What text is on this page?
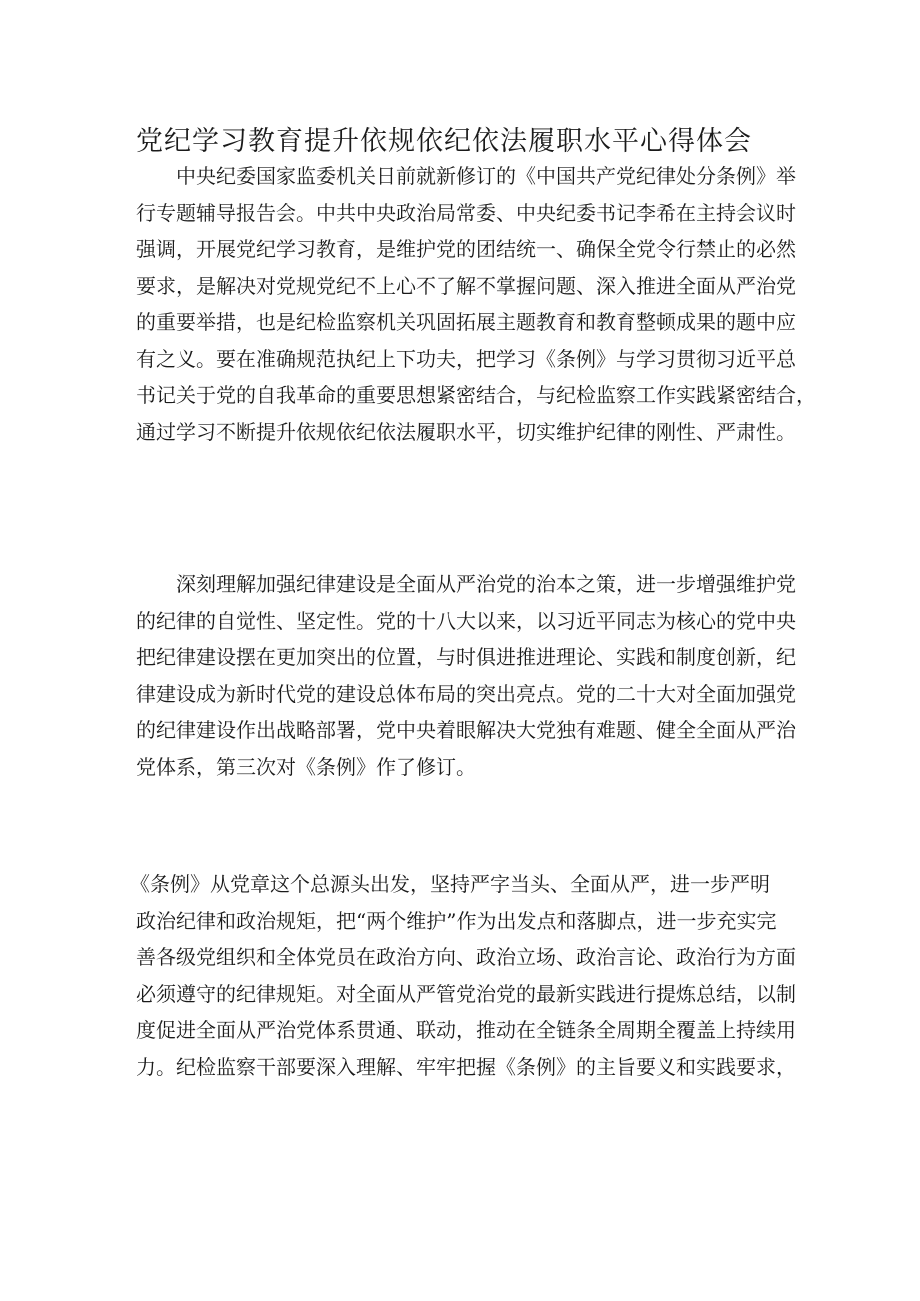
党纪学习教育提升依规依纪依法履职水平心得体会
中央纪委国家监委机关日前就新修订的《中国共产党纪律处分条例》举
行专题辅导报告会。中共中央政治局常委、中央纪委书记李希在主持会议时
强调，开展党纪学习教育，是维护党的团结统一、确保全党令行禁止的必然
要求，是解决对党规党纪不上心不了解不掌握问题、深入推进全面从严治党
的重要举措，也是纪检监察机关巩固拓展主题教育和教育整顿成果的题中应
有之义。要在准确规范执纪上下功夫，把学习《条例》与学习贯彻习近平总
书记关于党的自我革命的重要思想紧密结合，与纪检监察工作实践紧密结合，
通过学习不断提升依规依纪依法履职水平，切实维护纪律的刚性、严肃性。
深刻理解加强纪律建设是全面从严治党的治本之策，进一步增强维护党
的纪律的自觉性、坚定性。党的十八大以来，以习近平同志为核心的党中央
把纪律建设摆在更加突出的位置，与时俱进推进理论、实践和制度创新，纪
律建设成为新时代党的建设总体布局的突出亮点。党的二十大对全面加强党
的纪律建设作出战略部署，党中央着眼解决大党独有难题、健全全面从严治
党体系，第三次对《条例》作了修订。
《条例》从党章这个总源头出发，坚持严字当头、全面从严，进一步严明
政治纪律和政治规矩，把“两个维护”作为出发点和落脚点，进一步充实完
善各级党组织和全体党员在政治方向、政治立场、政治言论、政治行为方面
必须遵守的纪律规矩。对全面从严管党治党的最新实践进行提炼总结，以制
度促进全面从严治党体系贯通、联动，推动在全链条全周期全覆盖上持续用
力。纪检监察干部要深入理解、牢牢把握《条例》的主旨要义和实践要求，
